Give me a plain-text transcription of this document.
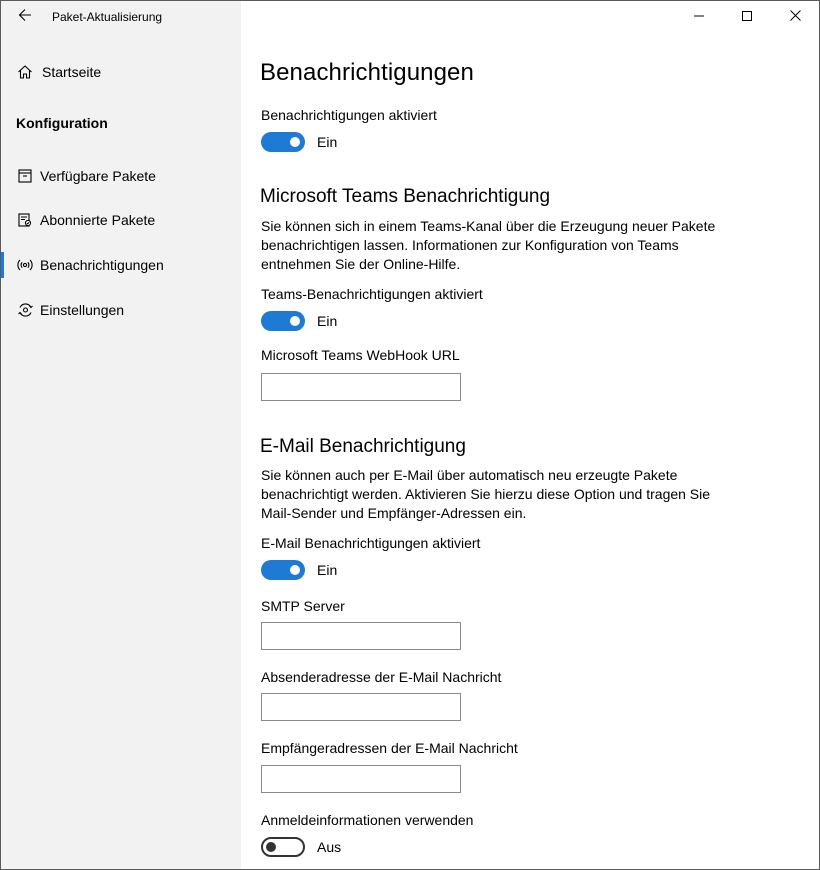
Paket-Aktualisierung
Startseite
Konfiguration
Verfügbare Pakete
Abonnierte Pakete
Benachrichtigungen
Einstellungen
Benachrichtigungen
Benachrichtigungen aktiviert
Ein
Microsoft Teams Benachrichtigung

Sie können sich in einem Teams-Kanal über die Erzeugung neuer Pakete benachrichtigen lassen. Informationen zur Konfiguration von Teams entnehmen Sie der Online-Hilfe.

Teams-Benachrichtigungen aktiviert
Ein
Microsoft Teams WebHook URL
E-Mail Benachrichtigung

Sie können auch per E-Mail über automatisch neu erzeugte Pakete benachrichtigt werden. Aktivieren Sie hierzu diese Option und tragen Sie Mail-Sender und Empfänger-Adressen ein.

E-Mail Benachrichtigungen aktiviert
Ein
SMTP Server
Absenderadresse der E-Mail Nachricht
Empfängeradressen der E-Mail Nachricht
Anmeldeinformationen verwenden
Aus
